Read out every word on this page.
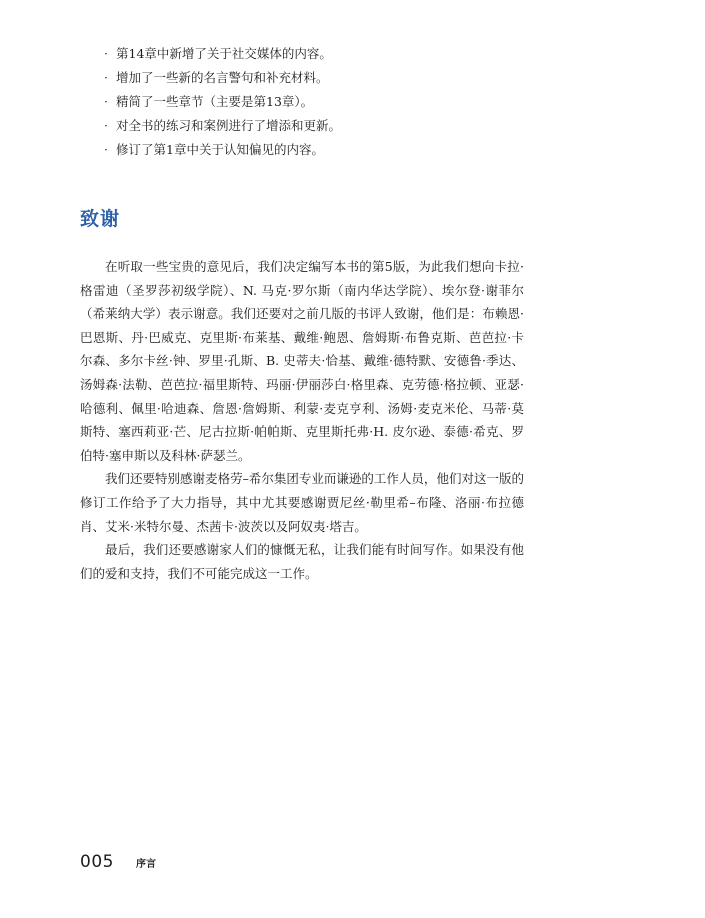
· 第14章中新增了关于社交媒体的内容。
· 增加了一些新的名言警句和补充材料。
· 精简了一些章节（主要是第13章）。
· 对全书的练习和案例进行了增添和更新。
· 修订了第1章中关于认知偏见的内容。
致谢

在听取一些宝贵的意见后，我们决定编写本书的第5版，为此我们想向卡拉·格雷迪（圣罗莎初级学院）、N. 马克·罗尔斯（南内华达学院）、埃尔登·谢菲尔（希莱纳大学）表示谢意。我们还要对之前几版的书评人致谢，他们是：布赖恩·巴恩斯、丹·巴威克、克里斯·布莱基、戴维·鲍恩、詹姆斯·布鲁克斯、芭芭拉·卡尔森、多尔卡丝·钟、罗里·孔斯、B. 史蒂夫·恰基、戴维·德特默、安德鲁·季达、汤姆森·法勒、芭芭拉·福里斯特、玛丽·伊丽莎白·格里森、克劳德·格拉顿、亚瑟·哈德利、佩里·哈迪森、詹恩·詹姆斯、利蒙·麦克亨利、汤姆·麦克米伦、马蒂·莫斯特、塞西莉亚·芒、尼古拉斯·帕帕斯、克里斯托弗·H. 皮尔逊、泰德·希克、罗伯特·塞申斯以及科林·萨瑟兰。

我们还要特别感谢麦格劳–希尔集团专业而谦逊的工作人员，他们对这一版的修订工作给予了大力指导，其中尤其要感谢贾尼丝·勒里希–布隆、洛丽·布拉德肖、艾米·米特尔曼、杰茜卡·波茨以及阿奴夷·塔吉。

最后，我们还要感谢家人们的慷慨无私，让我们能有时间写作。如果没有他们的爱和支持，我们不可能完成这一工作。

005 序言
